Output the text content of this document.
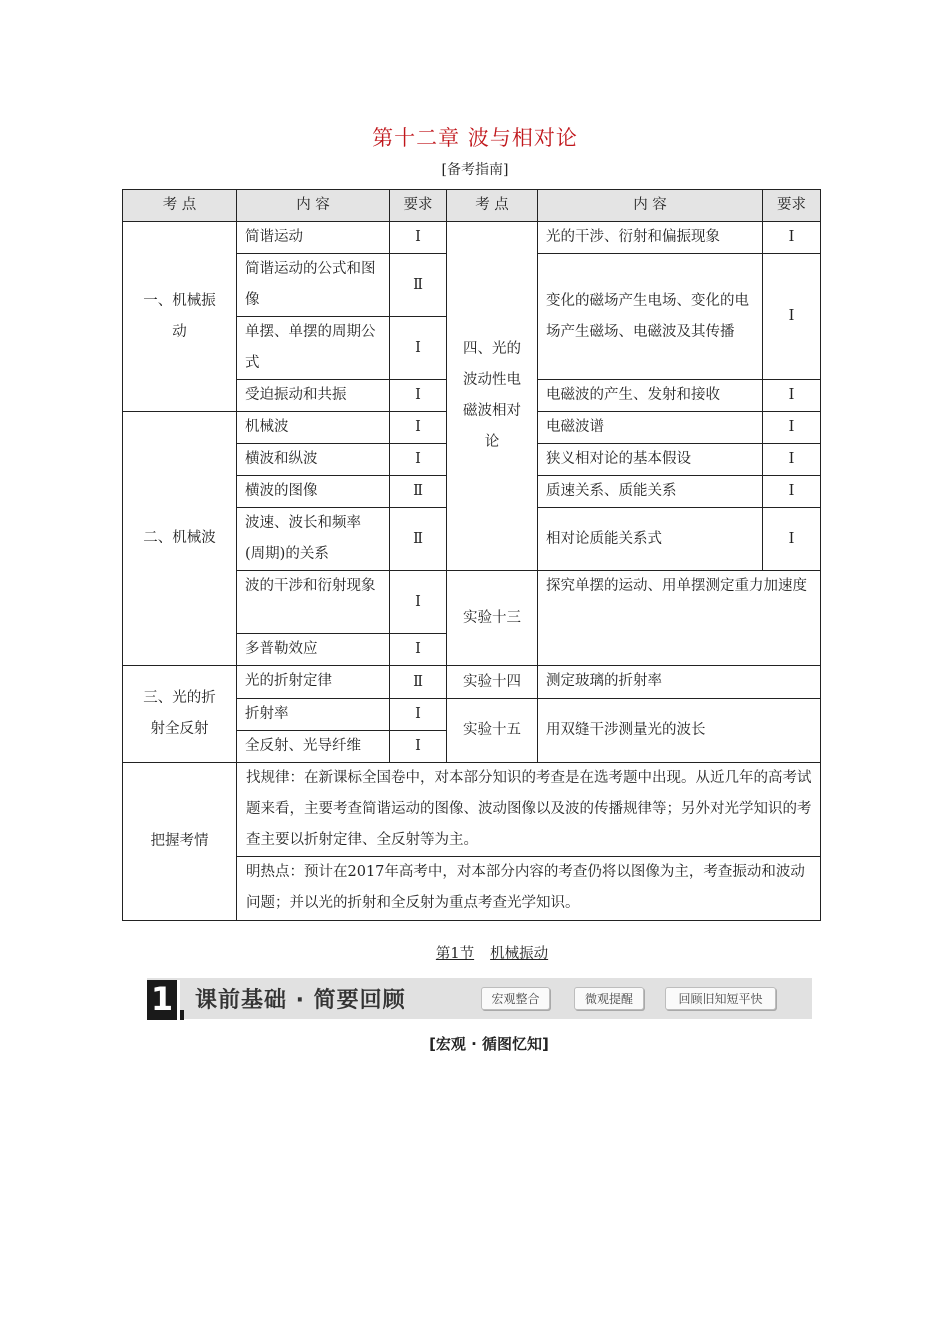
第十二章 波与相对论
[备考指南]
考 点	内 容	要求	考 点	内 容	要求
一、机械振动	简谐运动	Ⅰ	四、光的波动性电磁波相对论	光的干涉、衍射和偏振现象	Ⅰ
	简谐运动的公式和图像	Ⅱ		变化的磁场产生电场、变化的电场产生磁场、电磁波及其传播	Ⅰ

	单摆、单摆的周期公式	Ⅰ			

	受迫振动和共振	Ⅰ		电磁波的产生、发射和接收	Ⅰ
二、机械波	机械波	Ⅰ		电磁波谱	Ⅰ
	横波和纵波	Ⅰ		狭义相对论的基本假设	Ⅰ
	横波的图像	Ⅱ		质速关系、质能关系	Ⅰ
	波速、波长和频率(周期)的关系	Ⅱ		相对论质能关系式	Ⅰ

	波的干涉和衍射现象	Ⅰ	实验十三	探究单摆的运动、用单摆测定重力加速度	

	多普勒效应	Ⅰ			
三、光的折射全反射	光的折射定律	Ⅱ	实验十四	测定玻璃的折射率	
	折射率	Ⅰ	实验十五	用双缝干涉测量光的波长	
	全反射、光导纤维	Ⅰ			
把握考情	找规律：在新课标全国卷中，对本部分知识的考查是在选考题中出现。从近几年的高考试题来看，主要考查简谐运动的图像、波动图像以及波的传播规律等；另外对光学知识的考查主要以折射定律、全反射等为主。				
	明热点：预计在2017年高考中，对本部分内容的考查仍将以图像为主，考查振动和波动问题；并以光的折射和全反射为重点考查光学知识。				
第1节 机械振动
1 课前基础 · 简要回顾	宏观整合	微观提醒	回顾旧知短平快
[宏观 · 循图忆知]
